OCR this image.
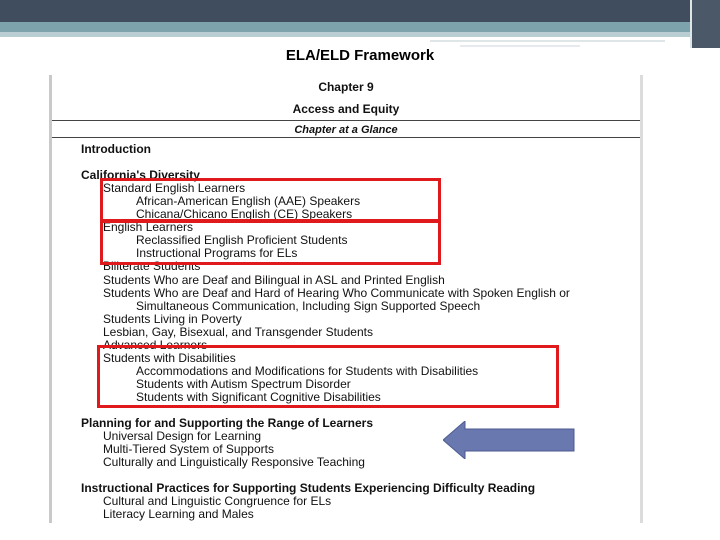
ELA/ELD Framework
Chapter 9
Access and Equity
Chapter at a Glance
Introduction
California's Diversity
Standard English Learners
African-American English (AAE) Speakers
Chicana/Chicano English (CE) Speakers
English Learners
Reclassified English Proficient Students
Instructional Programs for ELs
Biliterate Students
Students Who are Deaf and Bilingual in ASL and Printed English
Students Who are Deaf and Hard of Hearing Who Communicate with Spoken English or
Simultaneous Communication, Including Sign Supported Speech
Students Living in Poverty
Lesbian, Gay, Bisexual, and Transgender Students
Advanced Learners
Students with Disabilities
Accommodations and Modifications for Students with Disabilities
Students with Autism Spectrum Disorder
Students with Significant Cognitive Disabilities
Planning for and Supporting the Range of Learners
Universal Design for Learning
Multi-Tiered System of Supports
Culturally and Linguistically Responsive Teaching
Instructional Practices for Supporting Students Experiencing Difficulty Reading
Cultural and Linguistic Congruence for ELs
Literacy Learning and Males
